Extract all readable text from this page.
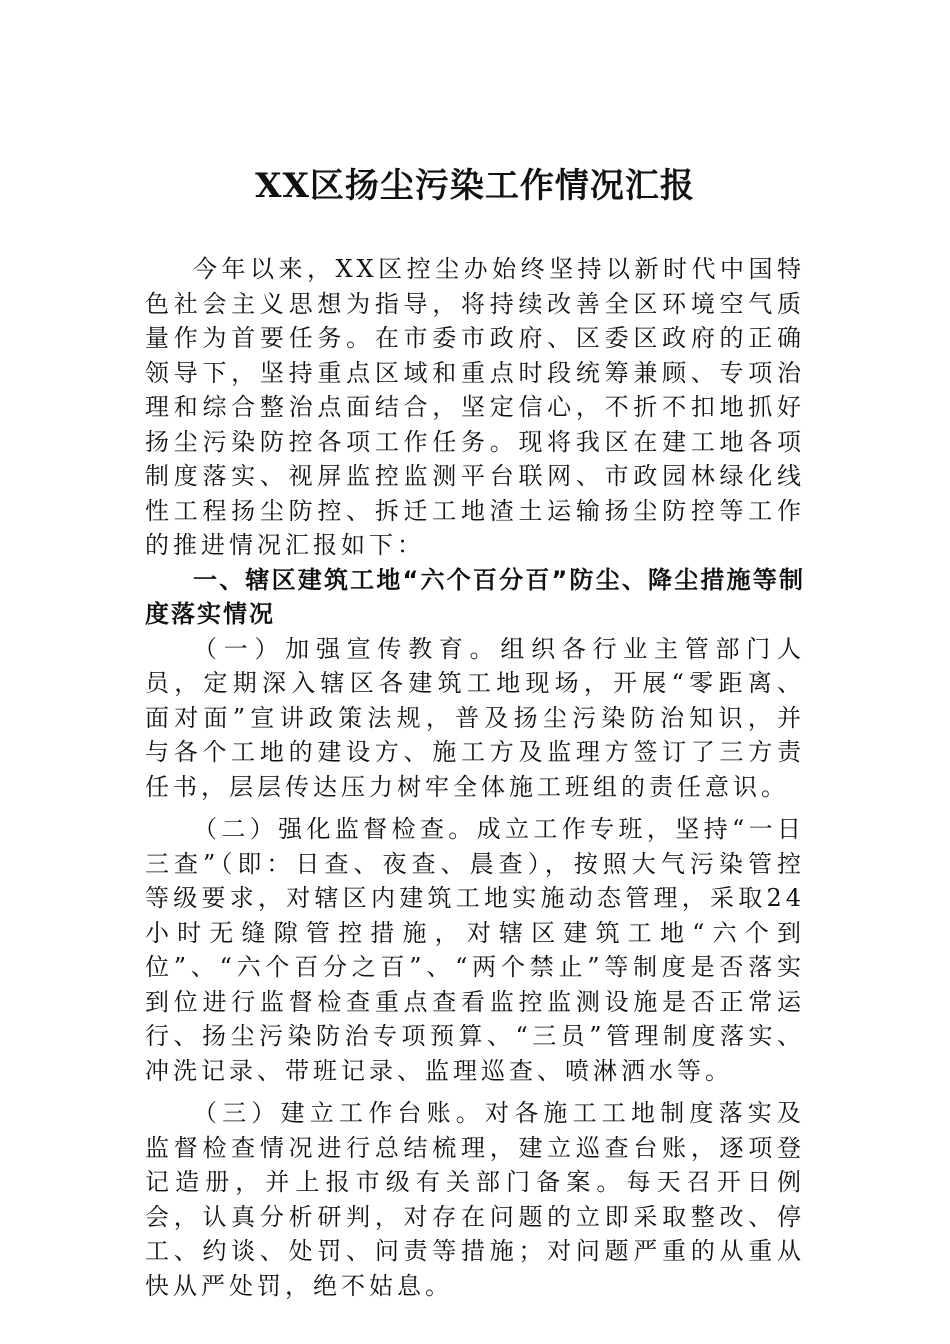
XX区扬尘污染工作情况汇报

今年以来，XX区控尘办始终坚持以新时代中国特色社会主义思想为指导，将持续改善全区环境空气质量作为首要任务。在市委市政府、区委区政府的正确领导下，坚持重点区域和重点时段统筹兼顾、专项治理和综合整治点面结合，坚定信心，不折不扣地抓好扬尘污染防控各项工作任务。现将我区在建工地各项制度落实、视屏监控监测平台联网、市政园林绿化线性工程扬尘防控、拆迁工地渣土运输扬尘防控等工作的推进情况汇报如下：

一、辖区建筑工地“六个百分百”防尘、降尘措施等制度落实情况

（一）加强宣传教育。组织各行业主管部门人员，定期深入辖区各建筑工地现场，开展“零距离、面对面”宣讲政策法规，普及扬尘污染防治知识，并与各个工地的建设方、施工方及监理方签订了三方责任书，层层传达压力树牢全体施工班组的责任意识。

（二）强化监督检查。成立工作专班，坚持“一日三查”（即：日查、夜查、晨查），按照大气污染管控等级要求，对辖区内建筑工地实施动态管理，采取24小时无缝隙管控措施，对辖区建筑工地“六个到位”、“六个百分之百”、“两个禁止”等制度是否落实到位进行监督检查重点查看监控监测设施是否正常运行、扬尘污染防治专项预算、“三员”管理制度落实、冲洗记录、带班记录、监理巡查、喷淋洒水等。

（三）建立工作台账。对各施工工地制度落实及监督检查情况进行总结梳理，建立巡查台账，逐项登记造册，并上报市级有关部门备案。每天召开日例会，认真分析研判，对存在问题的立即采取整改、停工、约谈、处罚、问责等措施；对问题严重的从重从快从严处罚，绝不姑息。
